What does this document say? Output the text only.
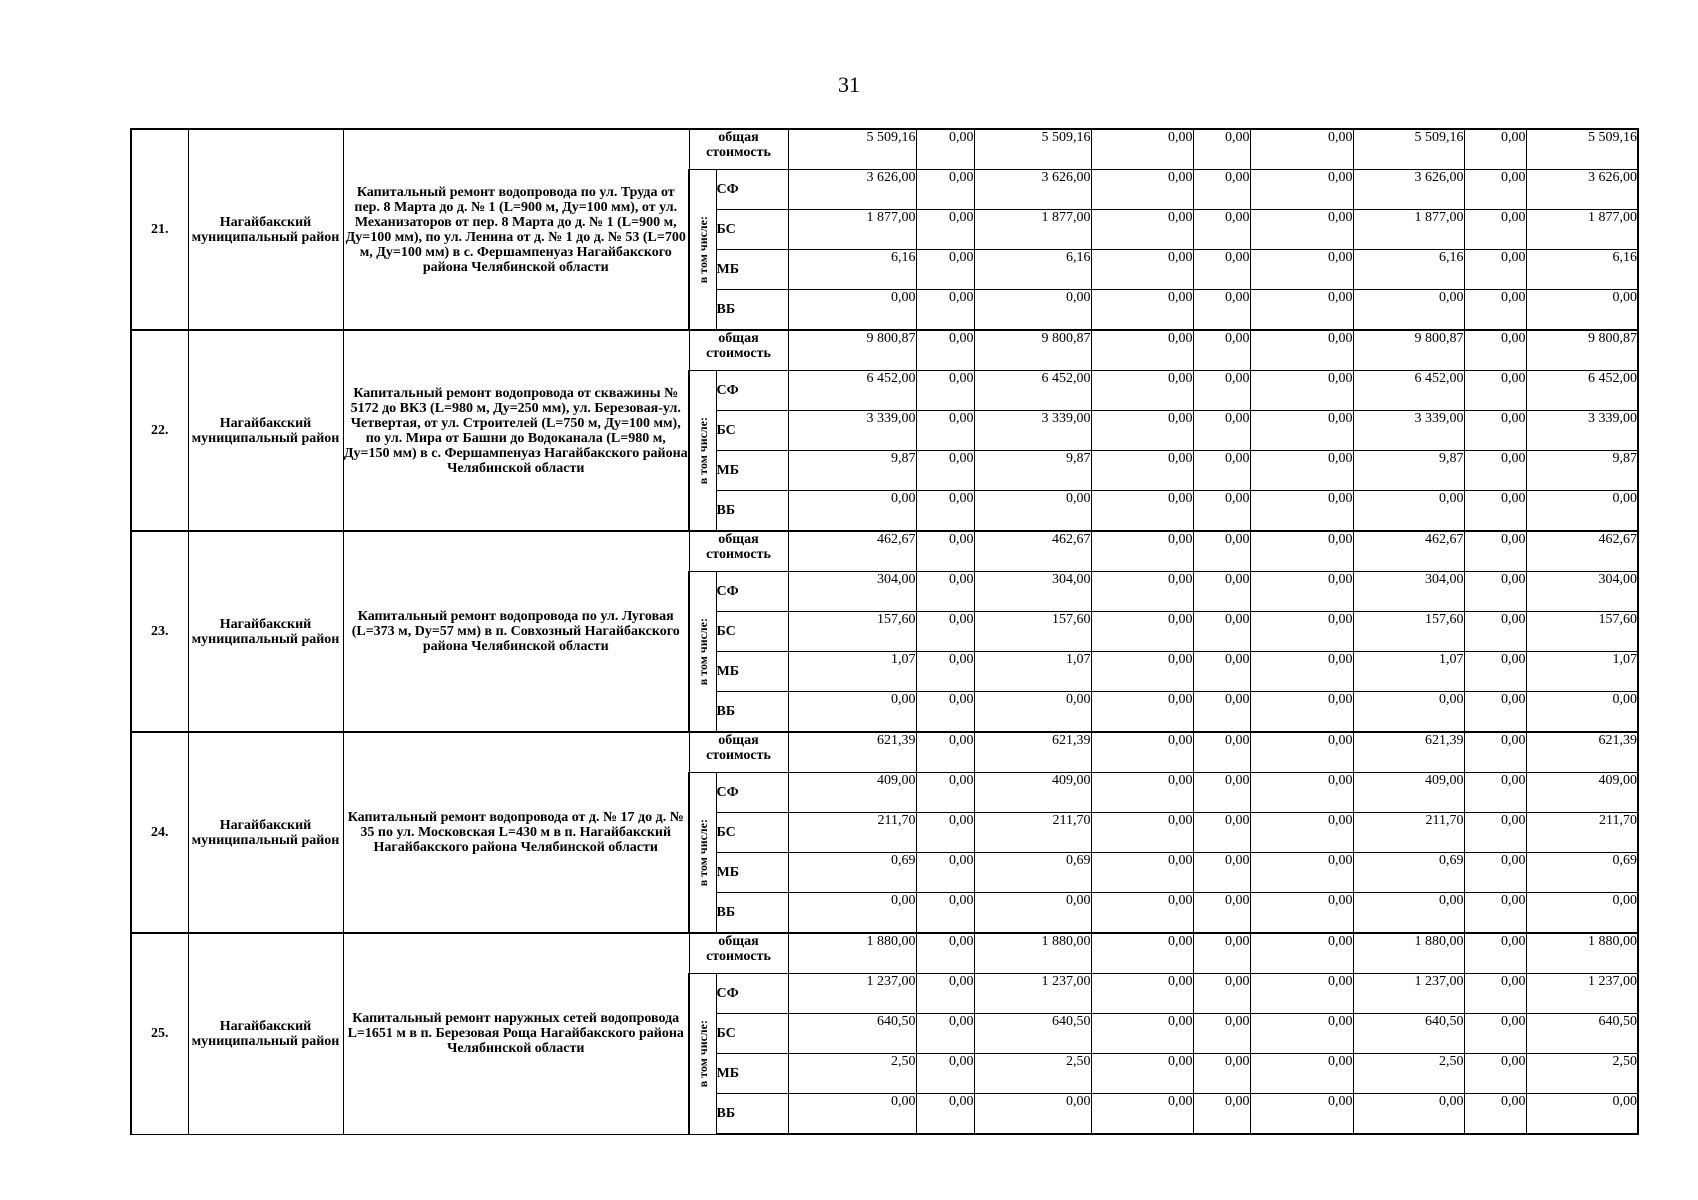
31
21.	Нагайбакский муниципальный район	Капитальный ремонт водопровода по ул. Труда от пер. 8 Марта до д. № 1 (L=900 м, Ду=100 мм), от ул. Механизаторов от пер. 8 Марта до д. № 1 (L=900 м, Ду=100 мм), по ул. Ленина от д. № 1 до д. № 53 (L=700 м, Ду=100 мм) в с. Фершампенуаз Нагайбакского района Челябинской области	общая стоимость		5 509,16	0,00	5 509,16	0,00	0,00	0,00	5 509,16	0,00	5 509,16

			в том числе:	СФ	3 626,00	0,00	3 626,00	0,00	0,00	0,00	3 626,00	0,00	3 626,00
				БС	1 877,00	0,00	1 877,00	0,00	0,00	0,00	1 877,00	0,00	1 877,00
				МБ	6,16	0,00	6,16	0,00	0,00	0,00	6,16	0,00	6,16
				ВБ	0,00	0,00	0,00	0,00	0,00	0,00	0,00	0,00	0,00
22.	Нагайбакский муниципальный район	Капитальный ремонт водопровода от скважины № 5172 до ВКЗ (L=980 м, Ду=250 мм), ул. Березовая-ул. Четвертая, от ул. Строителей (L=750 м, Ду=100 мм), по ул. Мира от Башни до Водоканала (L=980 м, Ду=150 мм) в с. Фершампенуаз Нагайбакского района Челябинской области	общая стоимость		9 800,87	0,00	9 800,87	0,00	0,00	0,00	9 800,87	0,00	9 800,87

			в том числе:	СФ	6 452,00	0,00	6 452,00	0,00	0,00	0,00	6 452,00	0,00	6 452,00
				БС	3 339,00	0,00	3 339,00	0,00	0,00	0,00	3 339,00	0,00	3 339,00
				МБ	9,87	0,00	9,87	0,00	0,00	0,00	9,87	0,00	9,87
				ВБ	0,00	0,00	0,00	0,00	0,00	0,00	0,00	0,00	0,00
23.	Нагайбакский муниципальный район	Капитальный ремонт водопровода по ул. Луговая (L=373 м, Dy=57 мм) в п. Совхозный Нагайбакского района Челябинской области	общая стоимость		462,67	0,00	462,67	0,00	0,00	0,00	462,67	0,00	462,67

			в том числе:	СФ	304,00	0,00	304,00	0,00	0,00	0,00	304,00	0,00	304,00
				БС	157,60	0,00	157,60	0,00	0,00	0,00	157,60	0,00	157,60
				МБ	1,07	0,00	1,07	0,00	0,00	0,00	1,07	0,00	1,07
				ВБ	0,00	0,00	0,00	0,00	0,00	0,00	0,00	0,00	0,00
24.	Нагайбакский муниципальный район	Капитальный ремонт водопровода от д. № 17 до д. № 35 по ул. Московская L=430 м в п. Нагайбакский Нагайбакского района Челябинской области	общая стоимость		621,39	0,00	621,39	0,00	0,00	0,00	621,39	0,00	621,39

			в том числе:	СФ	409,00	0,00	409,00	0,00	0,00	0,00	409,00	0,00	409,00
				БС	211,70	0,00	211,70	0,00	0,00	0,00	211,70	0,00	211,70
				МБ	0,69	0,00	0,69	0,00	0,00	0,00	0,69	0,00	0,69
				ВБ	0,00	0,00	0,00	0,00	0,00	0,00	0,00	0,00	0,00
25.	Нагайбакский муниципальный район	Капитальный ремонт наружных сетей водопровода L=1651 м в п. Березовая Роща Нагайбакского района Челябинской области	общая стоимость		1 880,00	0,00	1 880,00	0,00	0,00	0,00	1 880,00	0,00	1 880,00

			в том числе:	СФ	1 237,00	0,00	1 237,00	0,00	0,00	0,00	1 237,00	0,00	1 237,00
				БС	640,50	0,00	640,50	0,00	0,00	0,00	640,50	0,00	640,50
				МБ	2,50	0,00	2,50	0,00	0,00	0,00	2,50	0,00	2,50
				ВБ	0,00	0,00	0,00	0,00	0,00	0,00	0,00	0,00	0,00
